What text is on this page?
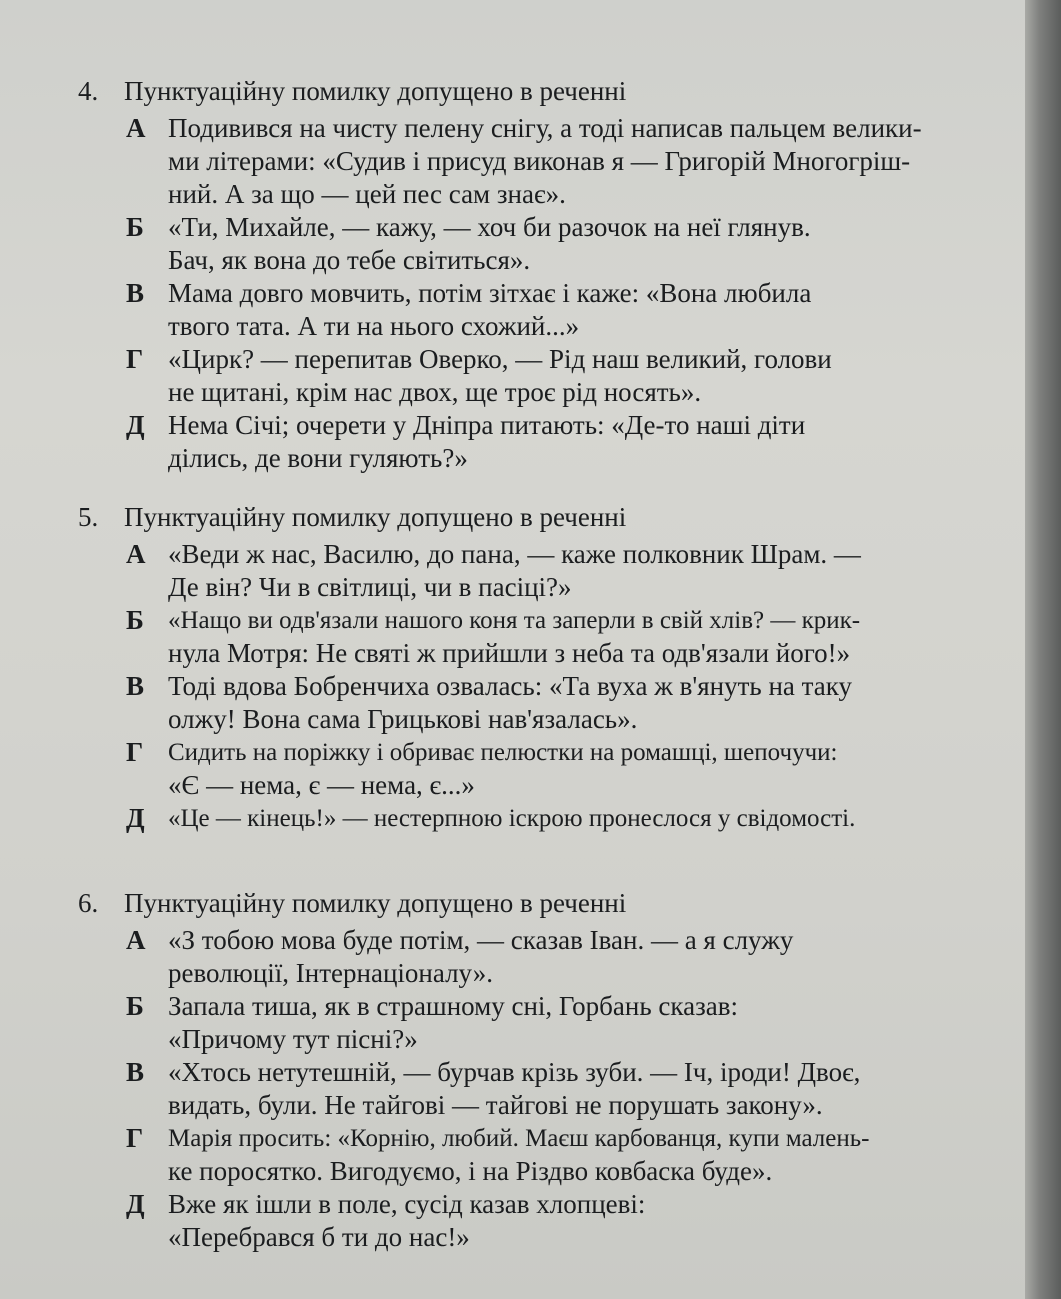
4. Пунктуаційну помилку допущено в реченні
А Подивився на чисту пелену снігу, а тоді написав пальцем велики-
ми літерами: «Судив і присуд виконав я — Григорій Многогріш-
ний. А за що — цей пес сам знає».
Б «Ти, Михайле, — кажу, — хоч би разочок на неї глянув.
Бач, як вона до тебе світиться».
В Мама довго мовчить, потім зітхає і каже: «Вона любила
твого тата. А ти на нього схожий...»
Г «Цирк? — перепитав Оверко, — Рід наш великий, голови
не щитані, крім нас двох, ще троє рід носять».
Д Нема Січі; очерети у Дніпра питають: «Де-то наші діти
ділись, де вони гуляють?»
5. Пунктуаційну помилку допущено в реченні
А «Веди ж нас, Василю, до пана, — каже полковник Шрам. —
Де він? Чи в світлиці, чи в пасіці?»
Б «Нащо ви одв'язали нашого коня та заперли в свій хлів? — крик-
нула Мотря: Не святі ж прийшли з неба та одв'язали його!»
В Тоді вдова Бобренчиха озвалась: «Та вуха ж в'януть на таку
олжу! Вона сама Грицькові нав'язалась».
Г Сидить на поріжку і обриває пелюстки на ромашці, шепочучи:
«Є — нема, є — нема, є...»
Д «Це — кінець!» — нестерпною іскрою пронеслося у свідомості.
6. Пунктуаційну помилку допущено в реченні
А «З тобою мова буде потім, — сказав Іван. — а я служу
революції, Інтернаціоналу».
Б Запала тиша, як в страшному сні, Горбань сказав:
«Причому тут пісні?»
В «Хтось нетутешній, — бурчав крізь зуби. — Іч, іроди! Двоє,
видать, були. Не тайгові — тайгові не порушать закону».
Г Марія просить: «Корнію, любий. Маєш карбованця, купи малень-
ке поросятко. Вигодуємо, і на Різдво ковбаска буде».
Д Вже як ішли в поле, сусід казав хлопцеві:
«Перебрався б ти до нас!»
